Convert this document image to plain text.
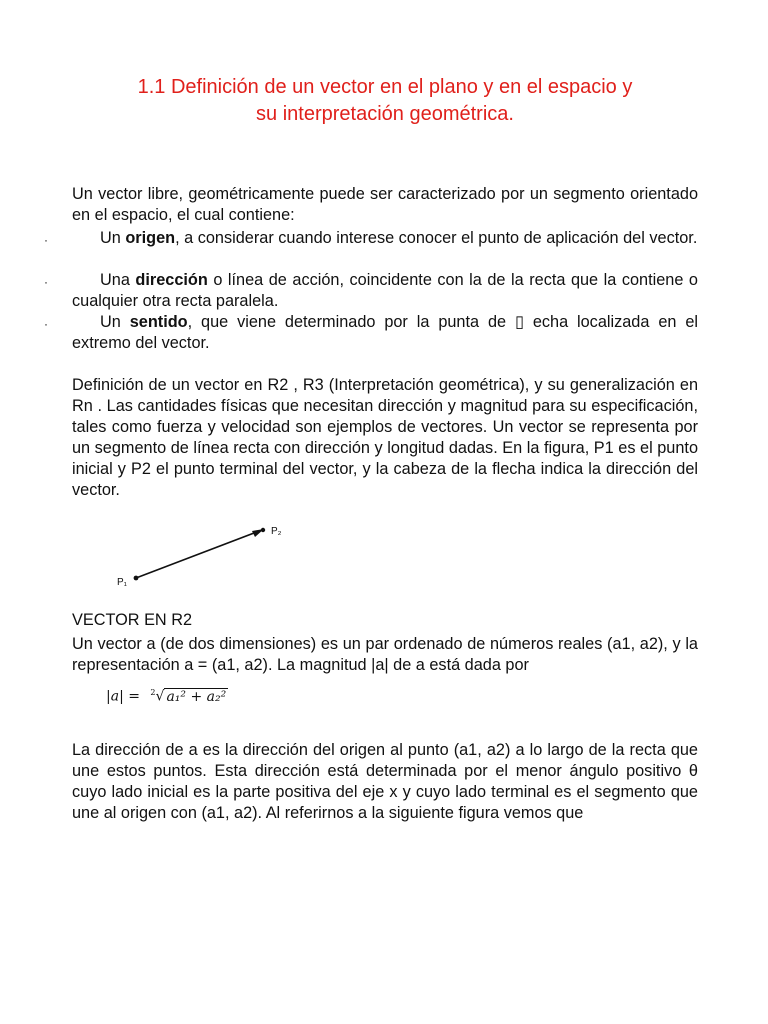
1.1 Definición de un vector en el plano y en el espacio y
su interpretación geométrica.

Un vector libre, geométricamente puede ser caracterizado por un segmento orientado en el espacio, el cual contiene:

·	Un origen, a considerar cuando interese conocer el punto de aplicación del vector.
·	Una dirección o línea de acción, coincidente con la de la recta que la contiene o cualquier otra recta paralela.
·	Un sentido, que viene determinado por la punta de ▯ echa localizada en el extremo del vector.

Definición de un vector en R2 , R3 (Interpretación geométrica), y su generalización en Rn . Las cantidades físicas que necesitan dirección y magnitud para su especificación, tales como fuerza y velocidad son ejemplos de vectores. Un vector se representa por un segmento de línea recta con dirección y longitud dadas. En la figura, P1 es el punto inicial y P2 el punto terminal del vector, y la cabeza de la flecha indica la dirección del vector.

P₁
P₂
VECTOR EN R2

Un vector a (de dos dimensiones) es un par ordenado de números reales (a1, a2), y la representación a = (a1, a2). La magnitud |a| de a está dada por

|a| = $^2$√ a₁² + a₂²

La dirección de a es la dirección del origen al punto (a1, a2) a lo largo de la recta que une estos puntos. Esta dirección está determinada por el menor ángulo positivo θ cuyo lado inicial es la parte positiva del eje x y cuyo lado terminal es el segmento que une al origen con (a1, a2). Al referirnos a la siguiente figura vemos que
